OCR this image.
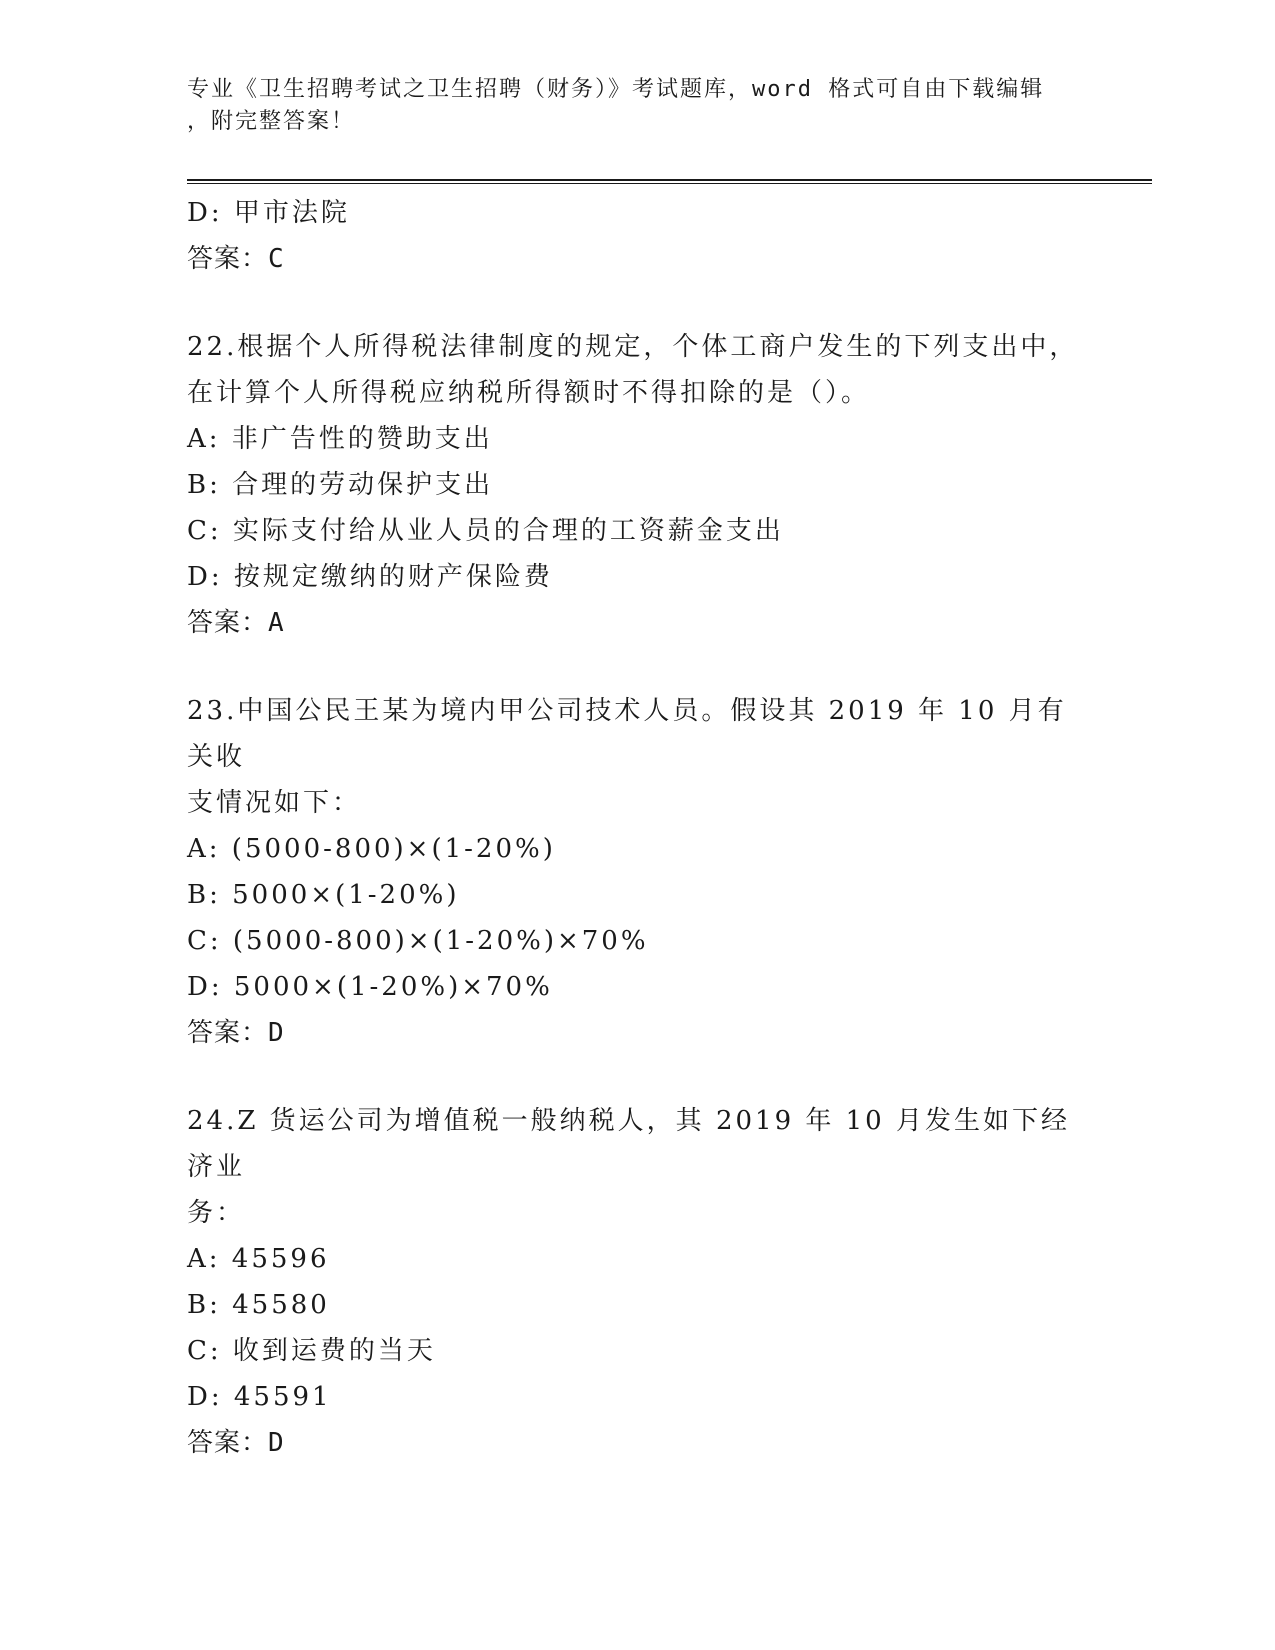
专业《卫生招聘考试之卫生招聘（财务）》考试题库，word 格式可自由下载编辑
，附完整答案！
D: 甲市法院
答案：C
22.根据个人所得税法律制度的规定，个体工商户发生的下列支出中，
在计算个人所得税应纳税所得额时不得扣除的是（）。
A: 非广告性的赞助支出
B: 合理的劳动保护支出
C: 实际支付给从业人员的合理的工资薪金支出
D: 按规定缴纳的财产保险费
答案：A
23.中国公民王某为境内甲公司技术人员。假设其 2019 年 10 月有关收
支情况如下：
A: (5000-800)×(1-20%)
B: 5000×(1-20%)
C: (5000-800)×(1-20%)×70%
D: 5000×(1-20%)×70%
答案：D
24.Z 货运公司为增值税一般纳税人，其 2019 年 10 月发生如下经济业
务：
A: 45596
B: 45580
C: 收到运费的当天
D: 45591
答案：D
